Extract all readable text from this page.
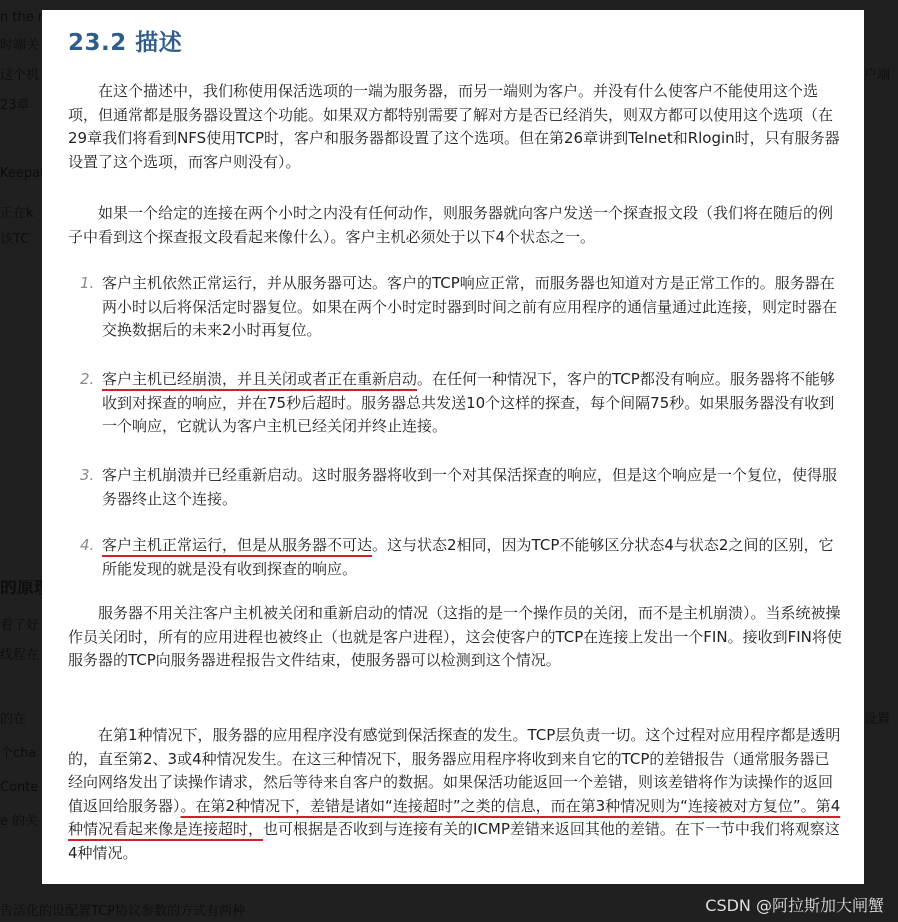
23.2 描述

在这个描述中，我们称使用保活选项的一端为服务器，而另一端则为客户。并没有什么使客户不能使用这个选项，但通常都是服务器设置这个功能。如果双方都特别需要了解对方是否已经消失，则双方都可以使用这个选项（在29章我们将看到NFS使用TCP时，客户和服务器都设置了这个选项。但在第26章讲到Telnet和Rlogin时，只有服务器设置了这个选项，而客户则没有）。

如果一个给定的连接在两个小时之内没有任何动作，则服务器就向客户发送一个探查报文段（我们将在随后的例子中看到这个探查报文段看起来像什么）。客户主机必须处于以下4个状态之一。

1. 客户主机依然正常运行，并从服务器可达。客户的TCP响应正常，而服务器也知道对方是正常工作的。服务器在两小时以后将保活定时器复位。如果在两个小时定时器到时间之前有应用程序的通信量通过此连接，则定时器在交换数据后的未来2小时再复位。
2. 客户主机已经崩溃，并且关闭或者正在重新启动。在任何一种情况下，客户的TCP都没有响应。服务器将不能够收到对探查的响应，并在75秒后超时。服务器总共发送10个这样的探查，每个间隔75秒。如果服务器没有收到一个响应，它就认为客户主机已经关闭并终止连接。
3. 客户主机崩溃并已经重新启动。这时服务器将收到一个对其保活探查的响应，但是这个响应是一个复位，使得服务器终止这个连接。
4. 客户主机正常运行，但是从服务器不可达。这与状态2相同，因为TCP不能够区分状态4与状态2之间的区别，它所能发现的就是没有收到探查的响应。

服务器不用关注客户主机被关闭和重新启动的情况（这指的是一个操作员的关闭，而不是主机崩溃）。当系统被操作员关闭时，所有的应用进程也被终止（也就是客户进程），这会使客户的TCP在连接上发出一个FIN。接收到FIN将使服务器的TCP向服务器进程报告文件结束，使服务器可以检测到这个情况。

在第1种情况下，服务器的应用程序没有感觉到保活探查的发生。TCP层负责一切。这个过程对应用程序都是透明的，直至第2、3或4种情况发生。在这三种情况下，服务器应用程序将收到来自它的TCP的差错报告（通常服务器已经向网络发出了读操作请求，然后等待来自客户的数据。如果保活功能返回一个差错，则该差错将作为读操作的返回值返回给服务器）。在第2种情况下，差错是诸如“连接超时”之类的信息，而在第3种情况则为“连接被对方复位”。第4种情况看起来像是连接超时，也可根据是否收到与连接有关的ICMP差错来返回其他的差错。在下一节中我们将观察这4种情况。

CSDN @阿拉斯加大闸蟹
